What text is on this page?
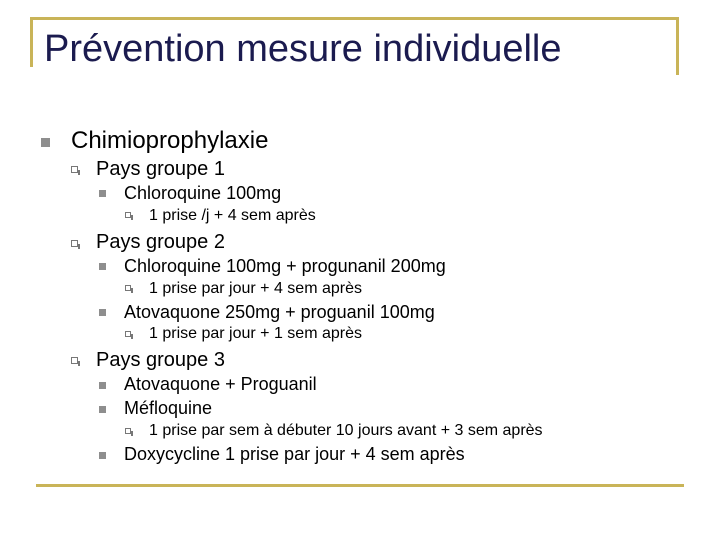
Prévention mesure individuelle
Chimioprophylaxie
Pays groupe 1
Chloroquine 100mg
1 prise /j + 4 sem après
Pays groupe 2
Chloroquine 100mg + progunanil 200mg
1 prise par jour + 4 sem après
Atovaquone 250mg + proguanil 100mg
1 prise par jour + 1 sem après
Pays groupe 3
Atovaquone + Proguanil
Méfloquine
1 prise par sem à débuter 10 jours avant + 3 sem après
Doxycycline 1 prise par jour + 4 sem après
